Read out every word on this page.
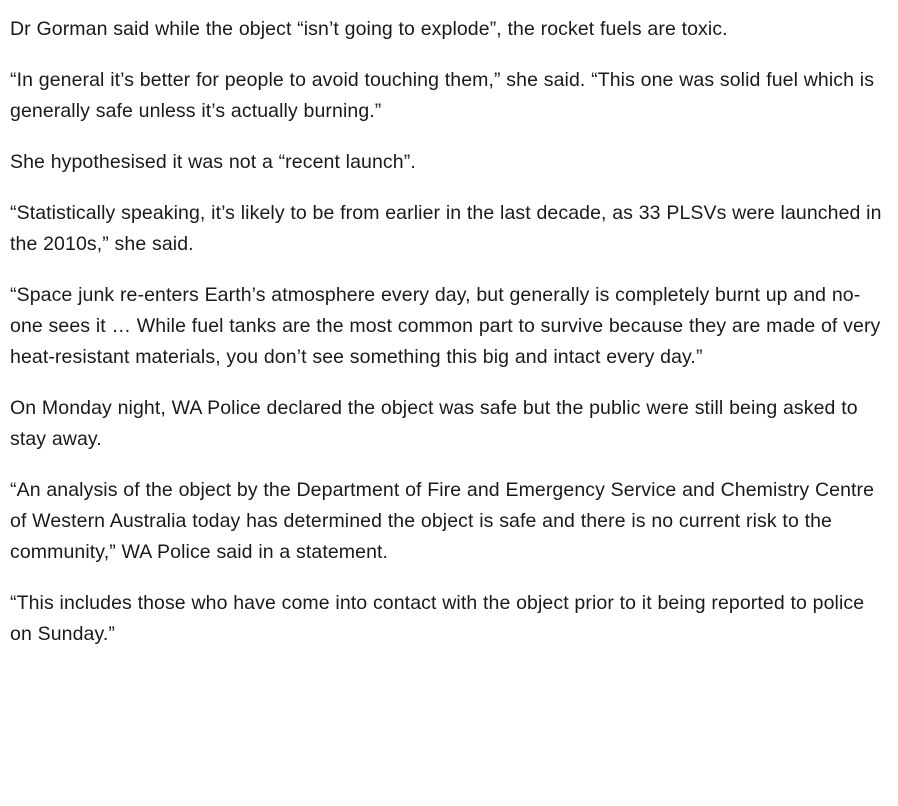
Dr Gorman said while the object “isn’t going to explode”, the rocket fuels are toxic.

“In general it’s better for people to avoid touching them,” she said. “This one was solid fuel which is generally safe unless it’s actually burning.”

She hypothesised it was not a “recent launch”.

“Statistically speaking, it’s likely to be from earlier in the last decade, as 33 PLSVs were launched in the 2010s,” she said.

“Space junk re-enters Earth’s atmosphere every day, but generally is completely burnt up and no-one sees it … While fuel tanks are the most common part to survive because they are made of very heat-resistant materials, you don’t see something this big and intact every day.”

On Monday night, WA Police declared the object was safe but the public were still being asked to stay away.

“An analysis of the object by the Department of Fire and Emergency Service and Chemistry Centre of Western Australia today has determined the object is safe and there is no current risk to the community,” WA Police said in a statement.

“This includes those who have come into contact with the object prior to it being reported to police on Sunday.”
